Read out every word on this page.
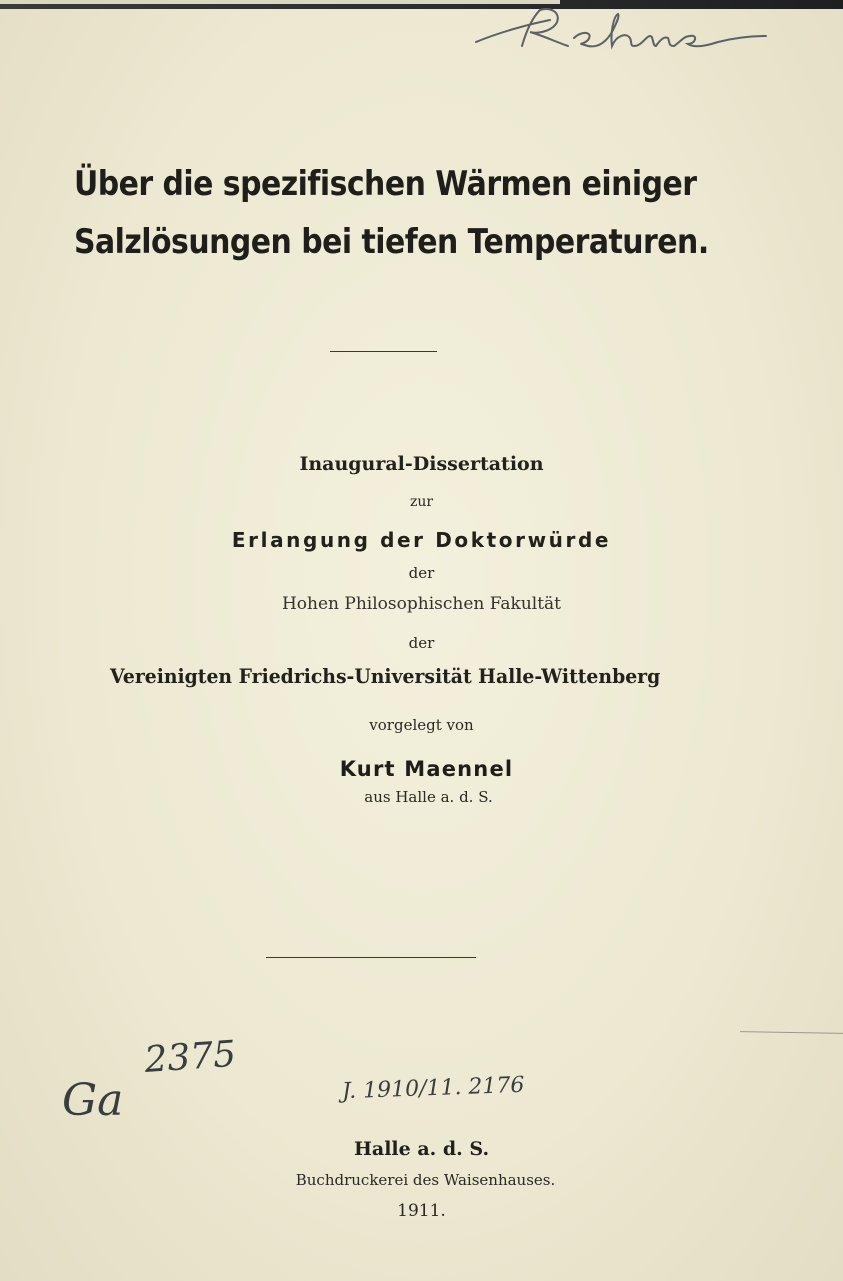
Über die spezifischen Wärmen einiger
Salzlösungen bei tiefen Temperaturen.
Inaugural-Dissertation
zur
Erlangung der Doktorwürde
der
Hohen Philosophischen Fakultät
der
Vereinigten Friedrichs-Universität Halle-Wittenberg
vorgelegt von
Kurt Maennel
aus Halle a. d. S.
Ga
2375
J. 1910/11. 2176
Halle a. d. S.
Buchdruckerei des Waisenhauses.
1911.
